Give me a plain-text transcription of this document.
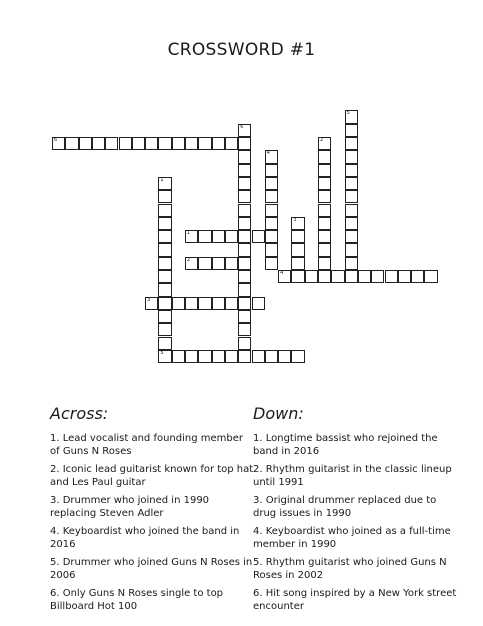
CROSSWORD #1
6
1
2
4
3
5
5
6
2
4
1
3
Across:
1. Lead vocalist and founding member of Guns N Roses
2. Iconic lead guitarist known for top hat and Les Paul guitar
3. Drummer who joined in 1990 replacing Steven Adler
4. Keyboardist who joined the band in 2016
5. Drummer who joined Guns N Roses in 2006
6. Only Guns N Roses single to top Billboard Hot 100
Down:
1. Longtime bassist who rejoined the band in 2016
2. Rhythm guitarist in the classic lineup until 1991
3. Original drummer replaced due to drug issues in 1990
4. Keyboardist who joined as a full-time member in 1990
5. Rhythm guitarist who joined Guns N Roses in 2002
6. Hit song inspired by a New York street encounter
